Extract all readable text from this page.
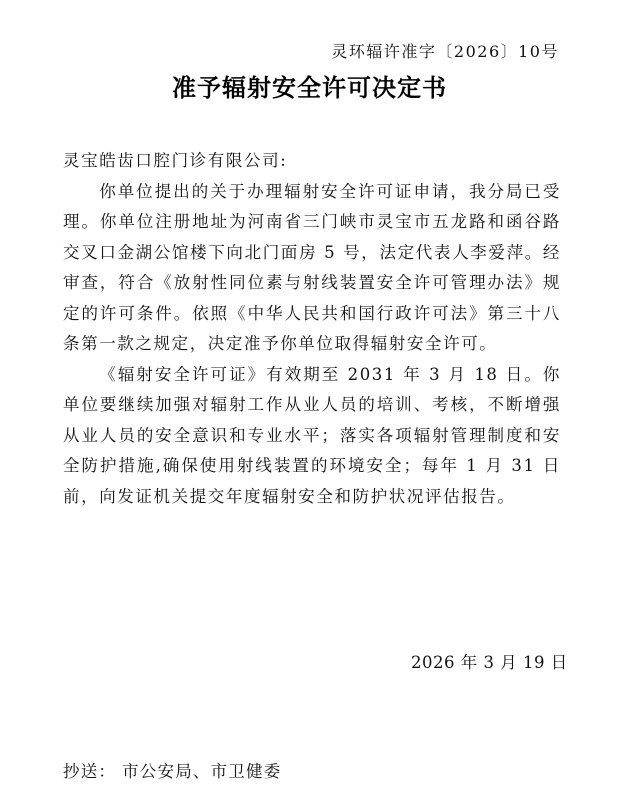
灵环辐许准字〔2026〕10号
准予辐射安全许可决定书

灵宝皓齿口腔门诊有限公司:

你单位提出的关于办理辐射安全许可证申请，我分局已受理。你单位注册地址为河南省三门峡市灵宝市五龙路和函谷路交叉口金湖公馆楼下向北门面房 5 号，法定代表人李爱萍。经审查，符合《放射性同位素与射线装置安全许可管理办法》规定的许可条件。依照《中华人民共和国行政许可法》第三十八条第一款之规定，决定准予你单位取得辐射安全许可。

《辐射安全许可证》有效期至 2031 年 3 月 18 日。你单位要继续加强对辐射工作从业人员的培训、考核，不断增强从业人员的安全意识和专业水平；落实各项辐射管理制度和安全防护措施,确保使用射线装置的环境安全；每年 1 月 31 日前，向发证机关提交年度辐射安全和防护状况评估报告。

2026 年 3 月 19 日
抄送： 市公安局、市卫健委
